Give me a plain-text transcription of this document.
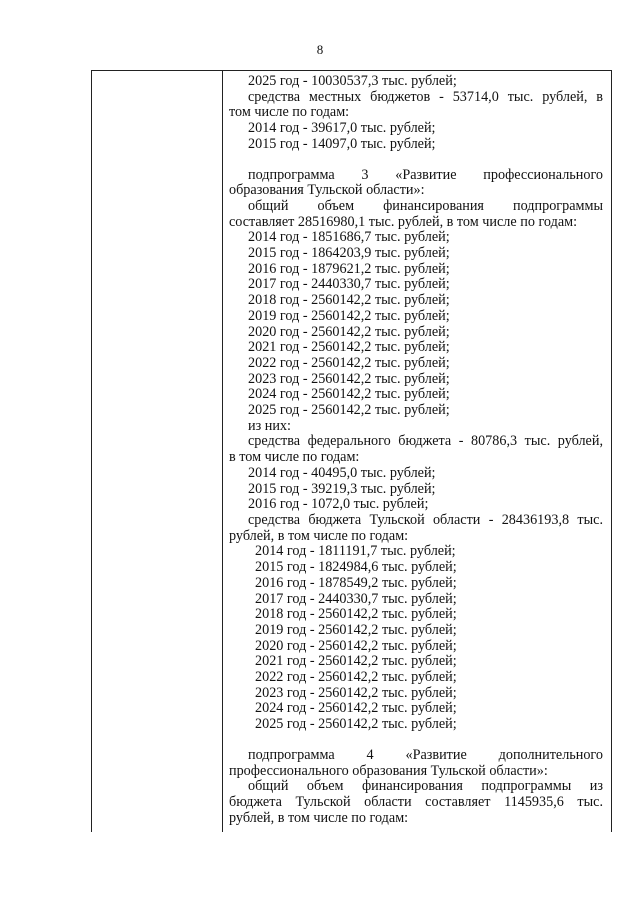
8
2025 год - 10030537,3 тыс. рублей;
средства местных бюджетов - 53714,0 тыс. рублей, в
том числе по годам:
2014 год - 39617,0 тыс. рублей;
2015 год - 14097,0 тыс. рублей;
подпрограмма 3 «Развитие профессионального
образования Тульской области»:
общий объем финансирования подпрограммы
составляет 28516980,1 тыс. рублей, в том числе по годам:
2014 год - 1851686,7 тыс. рублей;
2015 год - 1864203,9 тыс. рублей;
2016 год - 1879621,2 тыс. рублей;
2017 год - 2440330,7 тыс. рублей;
2018 год - 2560142,2 тыс. рублей;
2019 год - 2560142,2 тыс. рублей;
2020 год - 2560142,2 тыс. рублей;
2021 год - 2560142,2 тыс. рублей;
2022 год - 2560142,2 тыс. рублей;
2023 год - 2560142,2 тыс. рублей;
2024 год - 2560142,2 тыс. рублей;
2025 год - 2560142,2 тыс. рублей;
из них:
средства федерального бюджета - 80786,3 тыс. рублей,
в том числе по годам:
2014 год - 40495,0 тыс. рублей;
2015 год - 39219,3 тыс. рублей;
2016 год - 1072,0 тыс. рублей;
средства бюджета Тульской области - 28436193,8 тыс.
рублей, в том числе по годам:
2014 год - 1811191,7 тыс. рублей;
2015 год - 1824984,6 тыс. рублей;
2016 год - 1878549,2 тыс. рублей;
2017 год - 2440330,7 тыс. рублей;
2018 год - 2560142,2 тыс. рублей;
2019 год - 2560142,2 тыс. рублей;
2020 год - 2560142,2 тыс. рублей;
2021 год - 2560142,2 тыс. рублей;
2022 год - 2560142,2 тыс. рублей;
2023 год - 2560142,2 тыс. рублей;
2024 год - 2560142,2 тыс. рублей;
2025 год - 2560142,2 тыс. рублей;
подпрограмма 4 «Развитие дополнительного
профессионального образования Тульской области»:
общий объем финансирования подпрограммы из
бюджета Тульской области составляет 1145935,6 тыс.
рублей, в том числе по годам:
